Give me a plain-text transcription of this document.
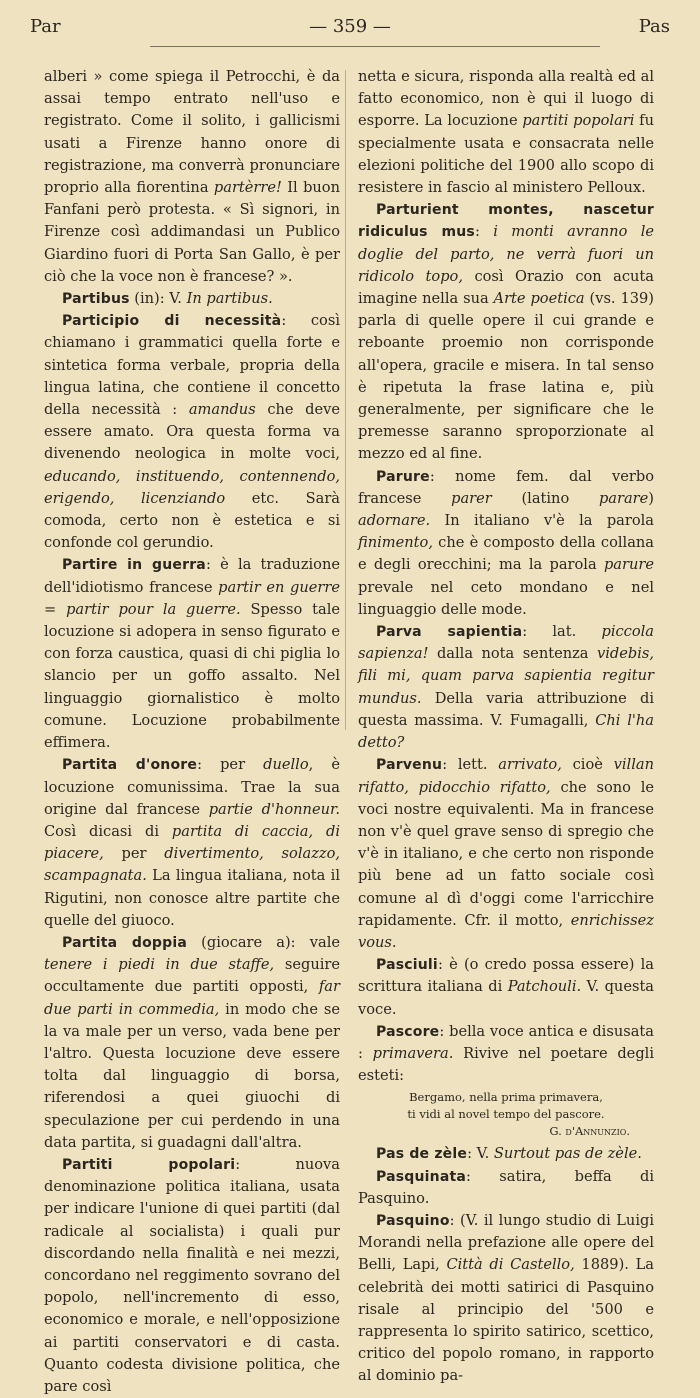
Par	— 359 —	Pas

alberi » come spiega il Petrocchi, è da assai tempo entrato nell'uso e registrato. Come il solito, i gallicismi usati a Firenze hanno onore di registrazione, ma converrà pronunciare proprio alla fiorentina partèrre! Il buon Fanfani però protesta. « Sì signori, in Firenze così addimandasi un Publico Giardino fuori di Porta San Gallo, è per ciò che la voce non è francese? ».

Partibus (in): V. In partibus.

Participio di necessità: così chiamano i grammatici quella forte e sintetica forma verbale, propria della lingua latina, che contiene il concetto della necessità : amandus che deve essere amato. Ora questa forma va divenendo neologica in molte voci, educando, instituendo, contennendo, erigendo, licenziando etc. Sarà comoda, certo non è estetica e si confonde col gerundio.

Partire in guerra: è la traduzione dell'idiotismo francese partir en guerre = partir pour la guerre. Spesso tale locuzione si adopera in senso figurato e con forza caustica, quasi di chi piglia lo slancio per un goffo assalto. Nel linguaggio giornalistico è molto comune. Locuzione probabilmente effimera.

Partita d'onore: per duello, è locuzione comunissima. Trae la sua origine dal francese partie d'honneur. Così dicasi di partita di caccia, di piacere, per divertimento, solazzo, scampagnata. La lingua italiana, nota il Rigutini, non conosce altre partite che quelle del giuoco.

Partita doppia (giocare a): vale tenere i piedi in due staffe, seguire occultamente due partiti opposti, far due parti in commedia, in modo che se la va male per un verso, vada bene per l'altro. Questa locuzione deve essere tolta dal linguaggio di borsa, riferendosi a quei giuochi di speculazione per cui perdendo in una data partita, si guadagni dall'altra.

Partiti popolari: nuova denominazione politica italiana, usata per indicare l'unione di quei partiti (dal radicale al socialista) i quali pur discordando nella finalità e nei mezzi, concordano nel reggimento sovrano del popolo, nell'incremento di esso, economico e morale, e nell'opposizione ai partiti conservatori e di casta. Quanto codesta divisione politica, che pare così

netta e sicura, risponda alla realtà ed al fatto economico, non è qui il luogo di esporre. La locuzione partiti popolari fu specialmente usata e consacrata nelle elezioni politiche del 1900 allo scopo di resistere in fascio al ministero Pelloux.

Parturient montes, nascetur ridiculus mus: i monti avranno le doglie del parto, ne verrà fuori un ridicolo topo, così Orazio con acuta imagine nella sua Arte poetica (vs. 139) parla di quelle opere il cui grande e reboante proemio non corrisponde all'opera, gracile e misera. In tal senso è ripetuta la frase latina e, più generalmente, per significare che le premesse saranno sproporzionate al mezzo ed al fine.

Parure: nome fem. dal verbo francese parer (latino parare) adornare. In italiano v'è la parola finimento, che è composto della collana e degli orecchini; ma la parola parure prevale nel ceto mondano e nel linguaggio delle mode.

Parva sapientia: lat. piccola sapienza! dalla nota sentenza videbis, fili mi, quam parva sapientia regitur mundus. Della varia attribuzione di questa massima. V. Fumagalli, Chi l'ha detto?

Parvenu: lett. arrivato, cioè villan rifatto, pidocchio rifatto, che sono le voci nostre equivalenti. Ma in francese non v'è quel grave senso di spregio che v'è in italiano, e che certo non risponde più bene ad un fatto sociale così comune al dì d'oggi come l'arricchire rapidamente. Cfr. il motto, enrichissez vous.

Pasciuli: è (o credo possa essere) la scrittura italiana di Patchouli. V. questa voce.

Pascore: bella voce antica e disusata : primavera. Rivive nel poetare degli esteti:

Bergamo, nella prima primavera,
ti vidi al novel tempo del pascore.
G. d'Annunzio.

Pas de zèle: V. Surtout pas de zèle.

Pasquinata: satira, beffa di Pasquino.

Pasquino: (V. il lungo studio di Luigi Morandi nella prefazione alle opere del Belli, Lapi, Città di Castello, 1889). La celebrità dei motti satirici di Pasquino risale al principio del '500 e rappresenta lo spirito satirico, scettico, critico del popolo romano, in rapporto al dominio pa-
